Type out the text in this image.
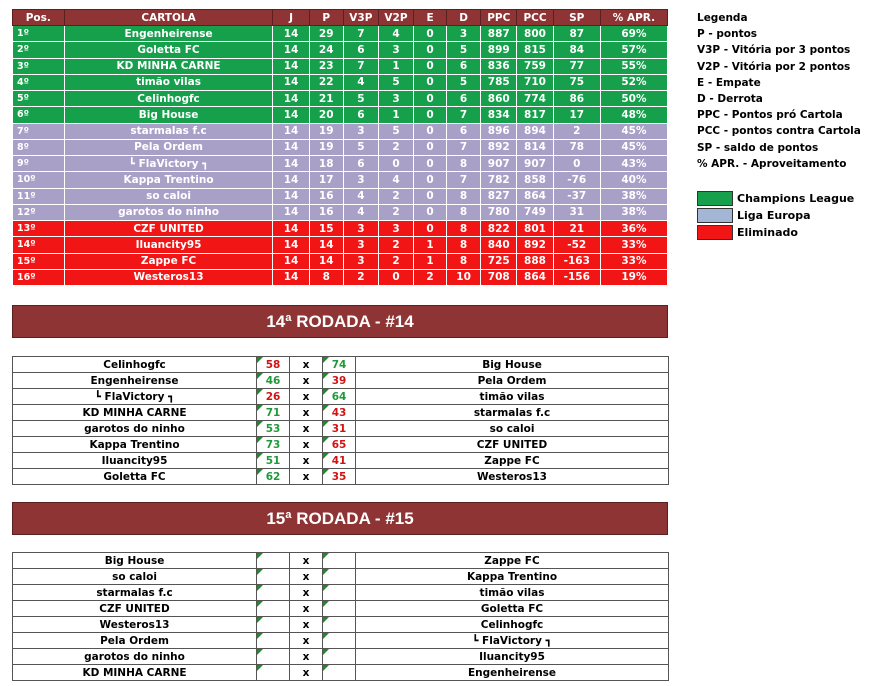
Pos.	CARTOLA	J	P	V3P	V2P	E	D	PPC	PCC	SP	% APR.
1º	Engenheirense	14	29	7	4	0	3	887	800	87	69%
2º	Goletta FC	14	24	6	3	0	5	899	815	84	57%
3º	KD MINHA CARNE	14	23	7	1	0	6	836	759	77	55%
4º	timão vilas	14	22	4	5	0	5	785	710	75	52%
5º	Celinhogfc	14	21	5	3	0	6	860	774	86	50%
6º	Big House	14	20	6	1	0	7	834	817	17	48%
7º	starmalas f.c	14	19	3	5	0	6	896	894	2	45%
8º	Pela Ordem	14	19	5	2	0	7	892	814	78	45%
9º	┗ FlaVictory ┓	14	18	6	0	0	8	907	907	0	43%
10º	Kappa Trentino	14	17	3	4	0	7	782	858	-76	40%
11º	so caloi	14	16	4	2	0	8	827	864	-37	38%
12º	garotos do ninho	14	16	4	2	0	8	780	749	31	38%
13º	CZF UNITED	14	15	3	3	0	8	822	801	21	36%
14º	Iluancity95	14	14	3	2	1	8	840	892	-52	33%
15º	Zappe FC	14	14	3	2	1	8	725	888	-163	33%
16º	Westeros13	14	8	2	0	2	10	708	864	-156	19%
Legenda
P - pontos
V3P - Vitória por 3 pontos
V2P - Vitória por 2 pontos
E - Empate
D - Derrota
PPC - Pontos pró Cartola
PCC - pontos contra Cartola
SP - saldo de pontos
% APR. - Aproveitamento
Champions League
Liga Europa
Eliminado
14ª RODADA - #14
Celinhogfc	58	x	74	Big House
Engenheirense	46	x	39	Pela Ordem
┗ FlaVictory ┓	26	x	64	timão vilas
KD MINHA CARNE	71	x	43	starmalas f.c
garotos do ninho	53	x	31	so caloi
Kappa Trentino	73	x	65	CZF UNITED
Iluancity95	51	x	41	Zappe FC
Goletta FC	62	x	35	Westeros13
15ª RODADA - #15
Big House		x		Zappe FC
so caloi		x		Kappa Trentino
starmalas f.c		x		timão vilas
CZF UNITED		x		Goletta FC
Westeros13		x		Celinhogfc
Pela Ordem		x		┗ FlaVictory ┓
garotos do ninho		x		Iluancity95
KD MINHA CARNE		x		Engenheirense
